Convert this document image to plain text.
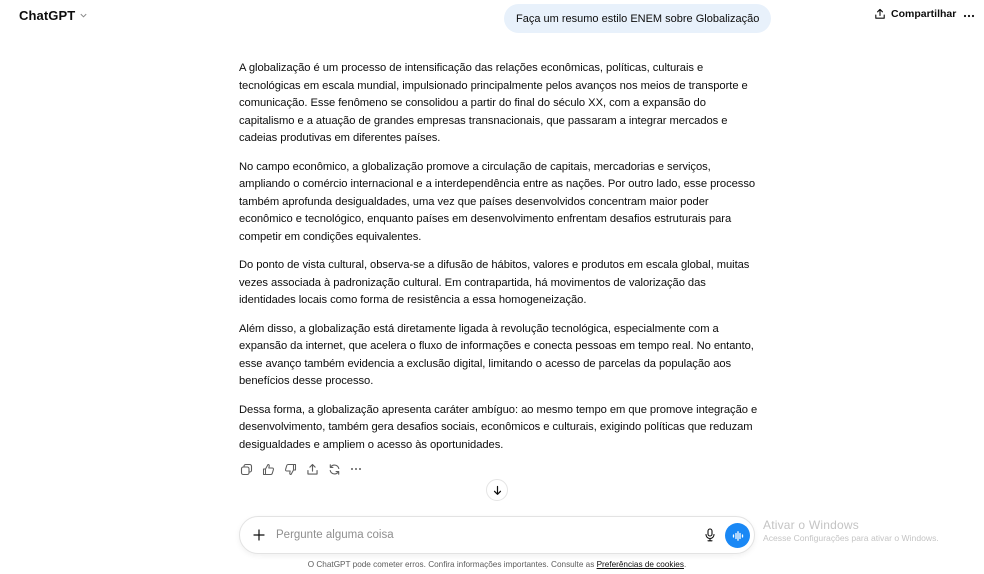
ChatGPT	Faça um resumo estilo ENEM sobre Globalização	Compartilhar

A globalização é um processo de intensificação das relações econômicas, políticas, culturais e tecnológicas em escala mundial, impulsionado principalmente pelos avanços nos meios de transporte e comunicação. Esse fenômeno se consolidou a partir do final do século XX, com a expansão do capitalismo e a atuação de grandes empresas transnacionais, que passaram a integrar mercados e cadeias produtivas em diferentes países.

No campo econômico, a globalização promove a circulação de capitais, mercadorias e serviços, ampliando o comércio internacional e a interdependência entre as nações. Por outro lado, esse processo também aprofunda desigualdades, uma vez que países desenvolvidos concentram maior poder econômico e tecnológico, enquanto países em desenvolvimento enfrentam desafios estruturais para competir em condições equivalentes.

Do ponto de vista cultural, observa-se a difusão de hábitos, valores e produtos em escala global, muitas vezes associada à padronização cultural. Em contrapartida, há movimentos de valorização das identidades locais como forma de resistência a essa homogeneização.

Além disso, a globalização está diretamente ligada à revolução tecnológica, especialmente com a expansão da internet, que acelera o fluxo de informações e conecta pessoas em tempo real. No entanto, esse avanço também evidencia a exclusão digital, limitando o acesso de parcelas da população aos benefícios desse processo.

Dessa forma, a globalização apresenta caráter ambíguo: ao mesmo tempo em que promove integração e desenvolvimento, também gera desafios sociais, econômicos e culturais, exigindo políticas que reduzam desigualdades e ampliem o acesso às oportunidades.

Pergunte alguma coisa
O ChatGPT pode cometer erros. Confira informações importantes. Consulte as Preferências de cookies.
Ativar o Windows
Acesse Configurações para ativar o Windows.
